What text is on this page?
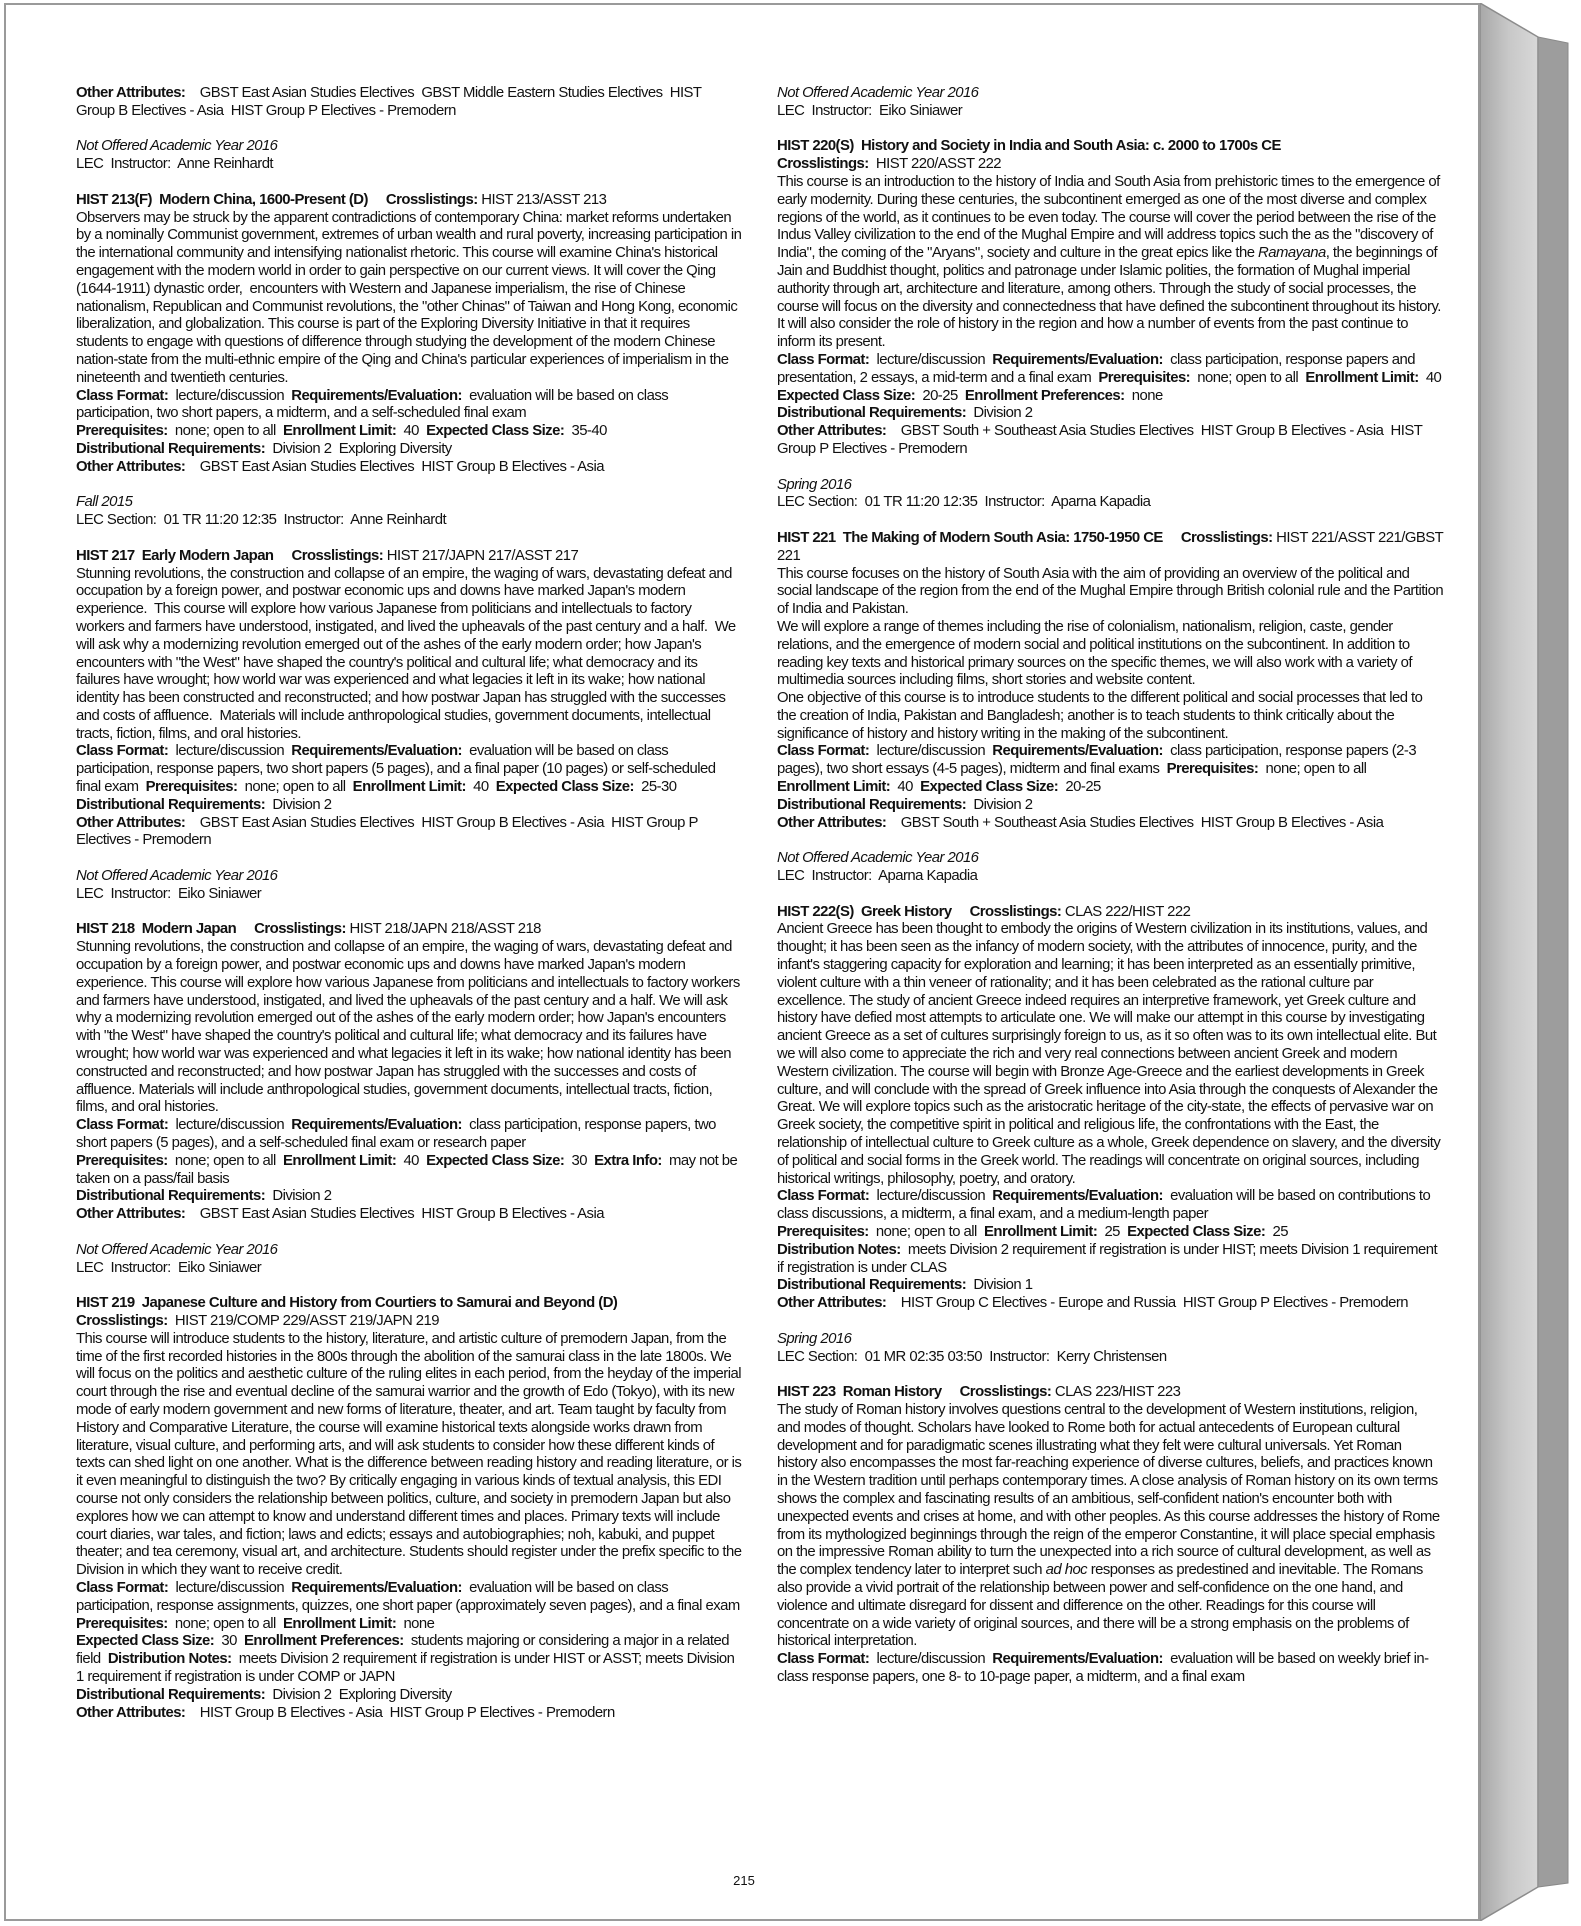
Other Attributes: GBST East Asian Studies Electives  GBST Middle Eastern Studies Electives  HIST Group B Electives - Asia  HIST Group P Electives - Premodern
Not Offered Academic Year 2016
LEC  Instructor:  Anne Reinhardt
HIST 213(F)  Modern China, 1600-Present (D) Crosslistings: HIST 213/ASST 213
Observers may be struck by the apparent contradictions of contemporary China: market reforms undertaken by a nominally Communist government, extremes of urban wealth and rural poverty, increasing participation in the international community and intensifying nationalist rhetoric. This course will examine China's historical engagement with the modern world in order to gain perspective on our current views. It will cover the Qing (1644-1911) dynastic order,  encounters with Western and Japanese imperialism, the rise of Chinese nationalism, Republican and Communist revolutions, the "other Chinas" of Taiwan and Hong Kong, economic liberalization, and globalization. This course is part of the Exploring Diversity Initiative in that it requires students to engage with questions of difference through studying the development of the modern Chinese nation-state from the multi-ethnic empire of the Qing and China's particular experiences of imperialism in the nineteenth and twentieth centuries.
Class Format: lecture/discussion Requirements/Evaluation: evaluation will be based on class participation, two short papers, a midterm, and a self-scheduled final exam
Prerequisites: none; open to all Enrollment Limit: 40 Expected Class Size: 35-40
Distributional Requirements: Division 2  Exploring Diversity
Other Attributes: GBST East Asian Studies Electives  HIST Group B Electives - Asia
Fall 2015
LEC Section:  01 TR 11:20 12:35  Instructor:  Anne Reinhardt
HIST 217  Early Modern Japan Crosslistings: HIST 217/JAPN 217/ASST 217
Stunning revolutions, the construction and collapse of an empire, the waging of wars, devastating defeat and occupation by a foreign power, and postwar economic ups and downs have marked Japan's modern experience.  This course will explore how various Japanese from politicians and intellectuals to factory workers and farmers have understood, instigated, and lived the upheavals of the past century and a half.  We will ask why a modernizing revolution emerged out of the ashes of the early modern order; how Japan's encounters with "the West" have shaped the country's political and cultural life; what democracy and its failures have wrought; how world war was experienced and what legacies it left in its wake; how national identity has been constructed and reconstructed; and how postwar Japan has struggled with the successes and costs of affluence.  Materials will include anthropological studies, government documents, intellectual tracts, fiction, films, and oral histories.
Class Format: lecture/discussion Requirements/Evaluation: evaluation will be based on class participation, response papers, two short papers (5 pages), and a final paper (10 pages) or self-scheduled final exam Prerequisites: none; open to all Enrollment Limit: 40 Expected Class Size: 25-30
Distributional Requirements: Division 2
Other Attributes: GBST East Asian Studies Electives  HIST Group B Electives - Asia  HIST Group P Electives - Premodern
Not Offered Academic Year 2016
LEC  Instructor:  Eiko Siniawer
HIST 218  Modern Japan Crosslistings: HIST 218/JAPN 218/ASST 218
Stunning revolutions, the construction and collapse of an empire, the waging of wars, devastating defeat and occupation by a foreign power, and postwar economic ups and downs have marked Japan's modern experience. This course will explore how various Japanese from politicians and intellectuals to factory workers and farmers have understood, instigated, and lived the upheavals of the past century and a half. We will ask why a modernizing revolution emerged out of the ashes of the early modern order; how Japan's encounters with "the West" have shaped the country's political and cultural life; what democracy and its failures have wrought; how world war was experienced and what legacies it left in its wake; how national identity has been constructed and reconstructed; and how postwar Japan has struggled with the successes and costs of affluence. Materials will include anthropological studies, government documents, intellectual tracts, fiction, films, and oral histories.
Class Format: lecture/discussion Requirements/Evaluation: class participation, response papers, two short papers (5 pages), and a self-scheduled final exam or research paper
Prerequisites: none; open to all Enrollment Limit: 40 Expected Class Size: 30 Extra Info: may not be taken on a pass/fail basis
Distributional Requirements: Division 2
Other Attributes: GBST East Asian Studies Electives  HIST Group B Electives - Asia
Not Offered Academic Year 2016
LEC  Instructor:  Eiko Siniawer
HIST 219  Japanese Culture and History from Courtiers to Samurai and Beyond (D)
Crosslistings: HIST 219/COMP 229/ASST 219/JAPN 219
This course will introduce students to the history, literature, and artistic culture of premodern Japan, from the time of the first recorded histories in the 800s through the abolition of the samurai class in the late 1800s. We will focus on the politics and aesthetic culture of the ruling elites in each period, from the heyday of the imperial court through the rise and eventual decline of the samurai warrior and the growth of Edo (Tokyo), with its new mode of early modern government and new forms of literature, theater, and art. Team taught by faculty from History and Comparative Literature, the course will examine historical texts alongside works drawn from literature, visual culture, and performing arts, and will ask students to consider how these different kinds of texts can shed light on one another. What is the difference between reading history and reading literature, or is it even meaningful to distinguish the two? By critically engaging in various kinds of textual analysis, this EDI course not only considers the relationship between politics, culture, and society in premodern Japan but also explores how we can attempt to know and understand different times and places. Primary texts will include court diaries, war tales, and fiction; laws and edicts; essays and autobiographies; noh, kabuki, and puppet theater; and tea ceremony, visual art, and architecture. Students should register under the prefix specific to the Division in which they want to receive credit.
Class Format: lecture/discussion Requirements/Evaluation: evaluation will be based on class participation, response assignments, quizzes, one short paper (approximately seven pages), and a final exam  Prerequisites: none; open to all Enrollment Limit: none
Expected Class Size: 30 Enrollment Preferences: students majoring or considering a major in a related field Distribution Notes: meets Division 2 requirement if registration is under HIST or ASST; meets Division 1 requirement if registration is under COMP or JAPN
Distributional Requirements: Division 2  Exploring Diversity
Other Attributes: HIST Group B Electives - Asia  HIST Group P Electives - Premodern
Not Offered Academic Year 2016
LEC  Instructor:  Eiko Siniawer
HIST 220(S)  History and Society in India and South Asia: c. 2000 to 1700s CE
Crosslistings: HIST 220/ASST 222
This course is an introduction to the history of India and South Asia from prehistoric times to the emergence of early modernity. During these centuries, the subcontinent emerged as one of the most diverse and complex regions of the world, as it continues to be even today. The course will cover the period between the rise of the Indus Valley civilization to the end of the Mughal Empire and will address topics such the as the "discovery of India", the coming of the "Aryans", society and culture in the great epics like the Ramayana, the beginnings of Jain and Buddhist thought, politics and patronage under Islamic polities, the formation of Mughal imperial authority through art, architecture and literature, among others. Through the study of social processes, the course will focus on the diversity and connectedness that have defined the subcontinent throughout its history. It will also consider the role of history in the region and how a number of events from the past continue to inform its present.
Class Format: lecture/discussion Requirements/Evaluation: class participation, response papers and presentation, 2 essays, a mid-term and a final exam Prerequisites: none; open to all Enrollment Limit: 40  Expected Class Size: 20-25 Enrollment Preferences: none
Distributional Requirements: Division 2
Other Attributes: GBST South + Southeast Asia Studies Electives  HIST Group B Electives - Asia  HIST Group P Electives - Premodern
Spring 2016
LEC Section:  01 TR 11:20 12:35  Instructor:  Aparna Kapadia
HIST 221  The Making of Modern South Asia: 1750-1950 CE Crosslistings: HIST 221/ASST 221/GBST 221
This course focuses on the history of South Asia with the aim of providing an overview of the political and social landscape of the region from the end of the Mughal Empire through British colonial rule and the Partition of India and Pakistan.
We will explore a range of themes including the rise of colonialism, nationalism, religion, caste, gender relations, and the emergence of modern social and political institutions on the subcontinent. In addition to reading key texts and historical primary sources on the specific themes, we will also work with a variety of multimedia sources including films, short stories and website content.
One objective of this course is to introduce students to the different political and social processes that led to the creation of India, Pakistan and Bangladesh; another is to teach students to think critically about the significance of history and history writing in the making of the subcontinent.
Class Format: lecture/discussion Requirements/Evaluation: class participation, response papers (2-3 pages), two short essays (4-5 pages), midterm and final exams Prerequisites: none; open to all  Enrollment Limit: 40 Expected Class Size: 20-25
Distributional Requirements: Division 2
Other Attributes: GBST South + Southeast Asia Studies Electives  HIST Group B Electives - Asia
Not Offered Academic Year 2016
LEC  Instructor:  Aparna Kapadia
HIST 222(S)  Greek History Crosslistings: CLAS 222/HIST 222
Ancient Greece has been thought to embody the origins of Western civilization in its institutions, values, and thought; it has been seen as the infancy of modern society, with the attributes of innocence, purity, and the infant's staggering capacity for exploration and learning; it has been interpreted as an essentially primitive, violent culture with a thin veneer of rationality; and it has been celebrated as the rational culture par excellence. The study of ancient Greece indeed requires an interpretive framework, yet Greek culture and history have defied most attempts to articulate one. We will make our attempt in this course by investigating ancient Greece as a set of cultures surprisingly foreign to us, as it so often was to its own intellectual elite. But we will also come to appreciate the rich and very real connections between ancient Greek and modern Western civilization. The course will begin with Bronze Age-Greece and the earliest developments in Greek culture, and will conclude with the spread of Greek influence into Asia through the conquests of Alexander the Great. We will explore topics such as the aristocratic heritage of the city-state, the effects of pervasive war on Greek society, the competitive spirit in political and religious life, the confrontations with the East, the relationship of intellectual culture to Greek culture as a whole, Greek dependence on slavery, and the diversity of political and social forms in the Greek world. The readings will concentrate on original sources, including historical writings, philosophy, poetry, and oratory.
Class Format: lecture/discussion Requirements/Evaluation: evaluation will be based on contributions to class discussions, a midterm, a final exam, and a medium-length paper
Prerequisites: none; open to all Enrollment Limit: 25 Expected Class Size: 25
Distribution Notes: meets Division 2 requirement if registration is under HIST; meets Division 1 requirement if registration is under CLAS
Distributional Requirements: Division 1
Other Attributes: HIST Group C Electives - Europe and Russia  HIST Group P Electives - Premodern
Spring 2016
LEC Section:  01 MR 02:35 03:50  Instructor:  Kerry Christensen
HIST 223  Roman History Crosslistings: CLAS 223/HIST 223
The study of Roman history involves questions central to the development of Western institutions, religion, and modes of thought. Scholars have looked to Rome both for actual antecedents of European cultural development and for paradigmatic scenes illustrating what they felt were cultural universals. Yet Roman history also encompasses the most far-reaching experience of diverse cultures, beliefs, and practices known in the Western tradition until perhaps contemporary times. A close analysis of Roman history on its own terms shows the complex and fascinating results of an ambitious, self-confident nation's encounter both with unexpected events and crises at home, and with other peoples. As this course addresses the history of Rome from its mythologized beginnings through the reign of the emperor Constantine, it will place special emphasis on the impressive Roman ability to turn the unexpected into a rich source of cultural development, as well as the complex tendency later to interpret such ad hoc responses as predestined and inevitable. The Romans also provide a vivid portrait of the relationship between power and self-confidence on the one hand, and violence and ultimate disregard for dissent and difference on the other. Readings for this course will concentrate on a wide variety of original sources, and there will be a strong emphasis on the problems of historical interpretation.
Class Format: lecture/discussion Requirements/Evaluation: evaluation will be based on weekly brief in-class response papers, one 8- to 10-page paper, a midterm, and a final exam
215
